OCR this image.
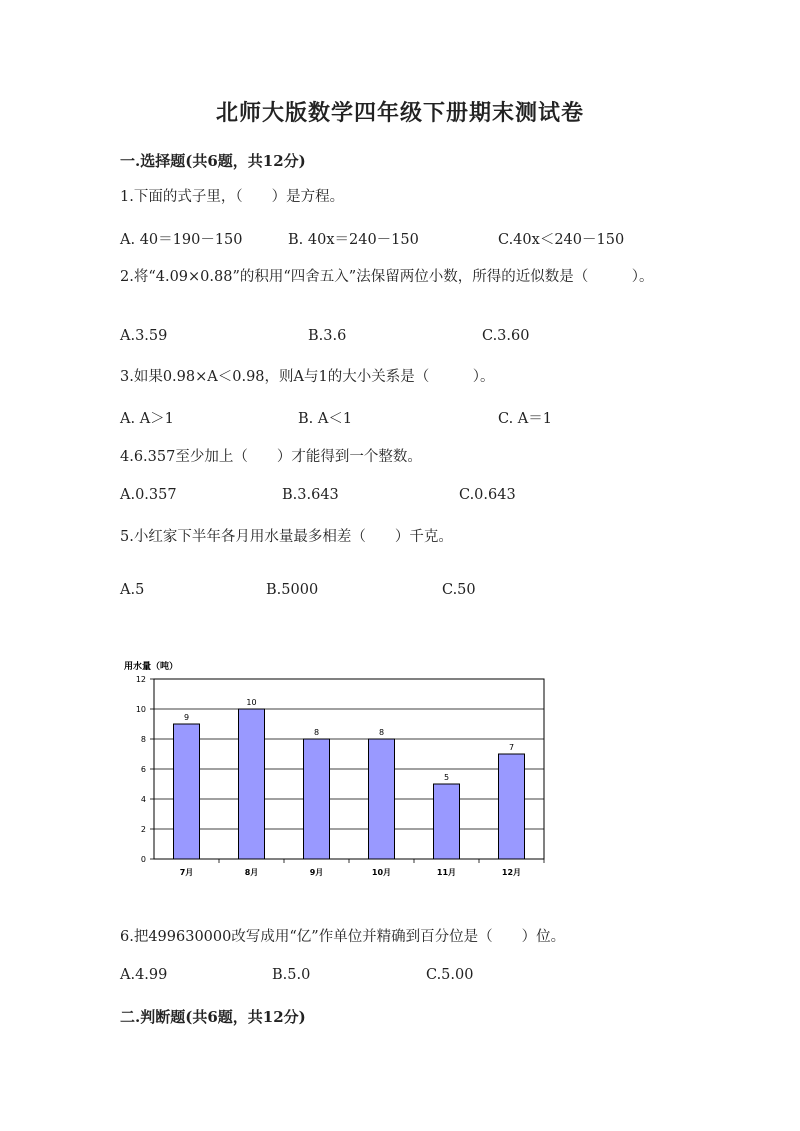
北师大版数学四年级下册期末测试卷
一.选择题(共6题，共12分)
1.下面的式子里，（　　）是方程。
A. 40＝190－150	B. 40x＝240－150	C.40x＜240－150
2.将“4.09×0.88”的积用“四舍五入”法保留两位小数，所得的近似数是（　　　）。
A.3.59	B.3.6	C.3.60
3.如果0.98×A＜0.98，则A与1的大小关系是（　　　）。
A. A＞1	B. A＜1	C. A＝1
4.6.357至少加上（　　）才能得到一个整数。
A.0.357	B.3.643	C.0.643
5.小红家下半年各月用水量最多相差（　　）千克。
A.5	B.5000	C.50
用水量（吨）
0
2
4
6
8
10
12
9
7月
10
8月
8
9月
8
10月
5
11月
7
12月
6.把499630000改写成用“亿”作单位并精确到百分位是（　　）位。
A.4.99	B.5.0	C.5.00
二.判断题(共6题，共12分)
